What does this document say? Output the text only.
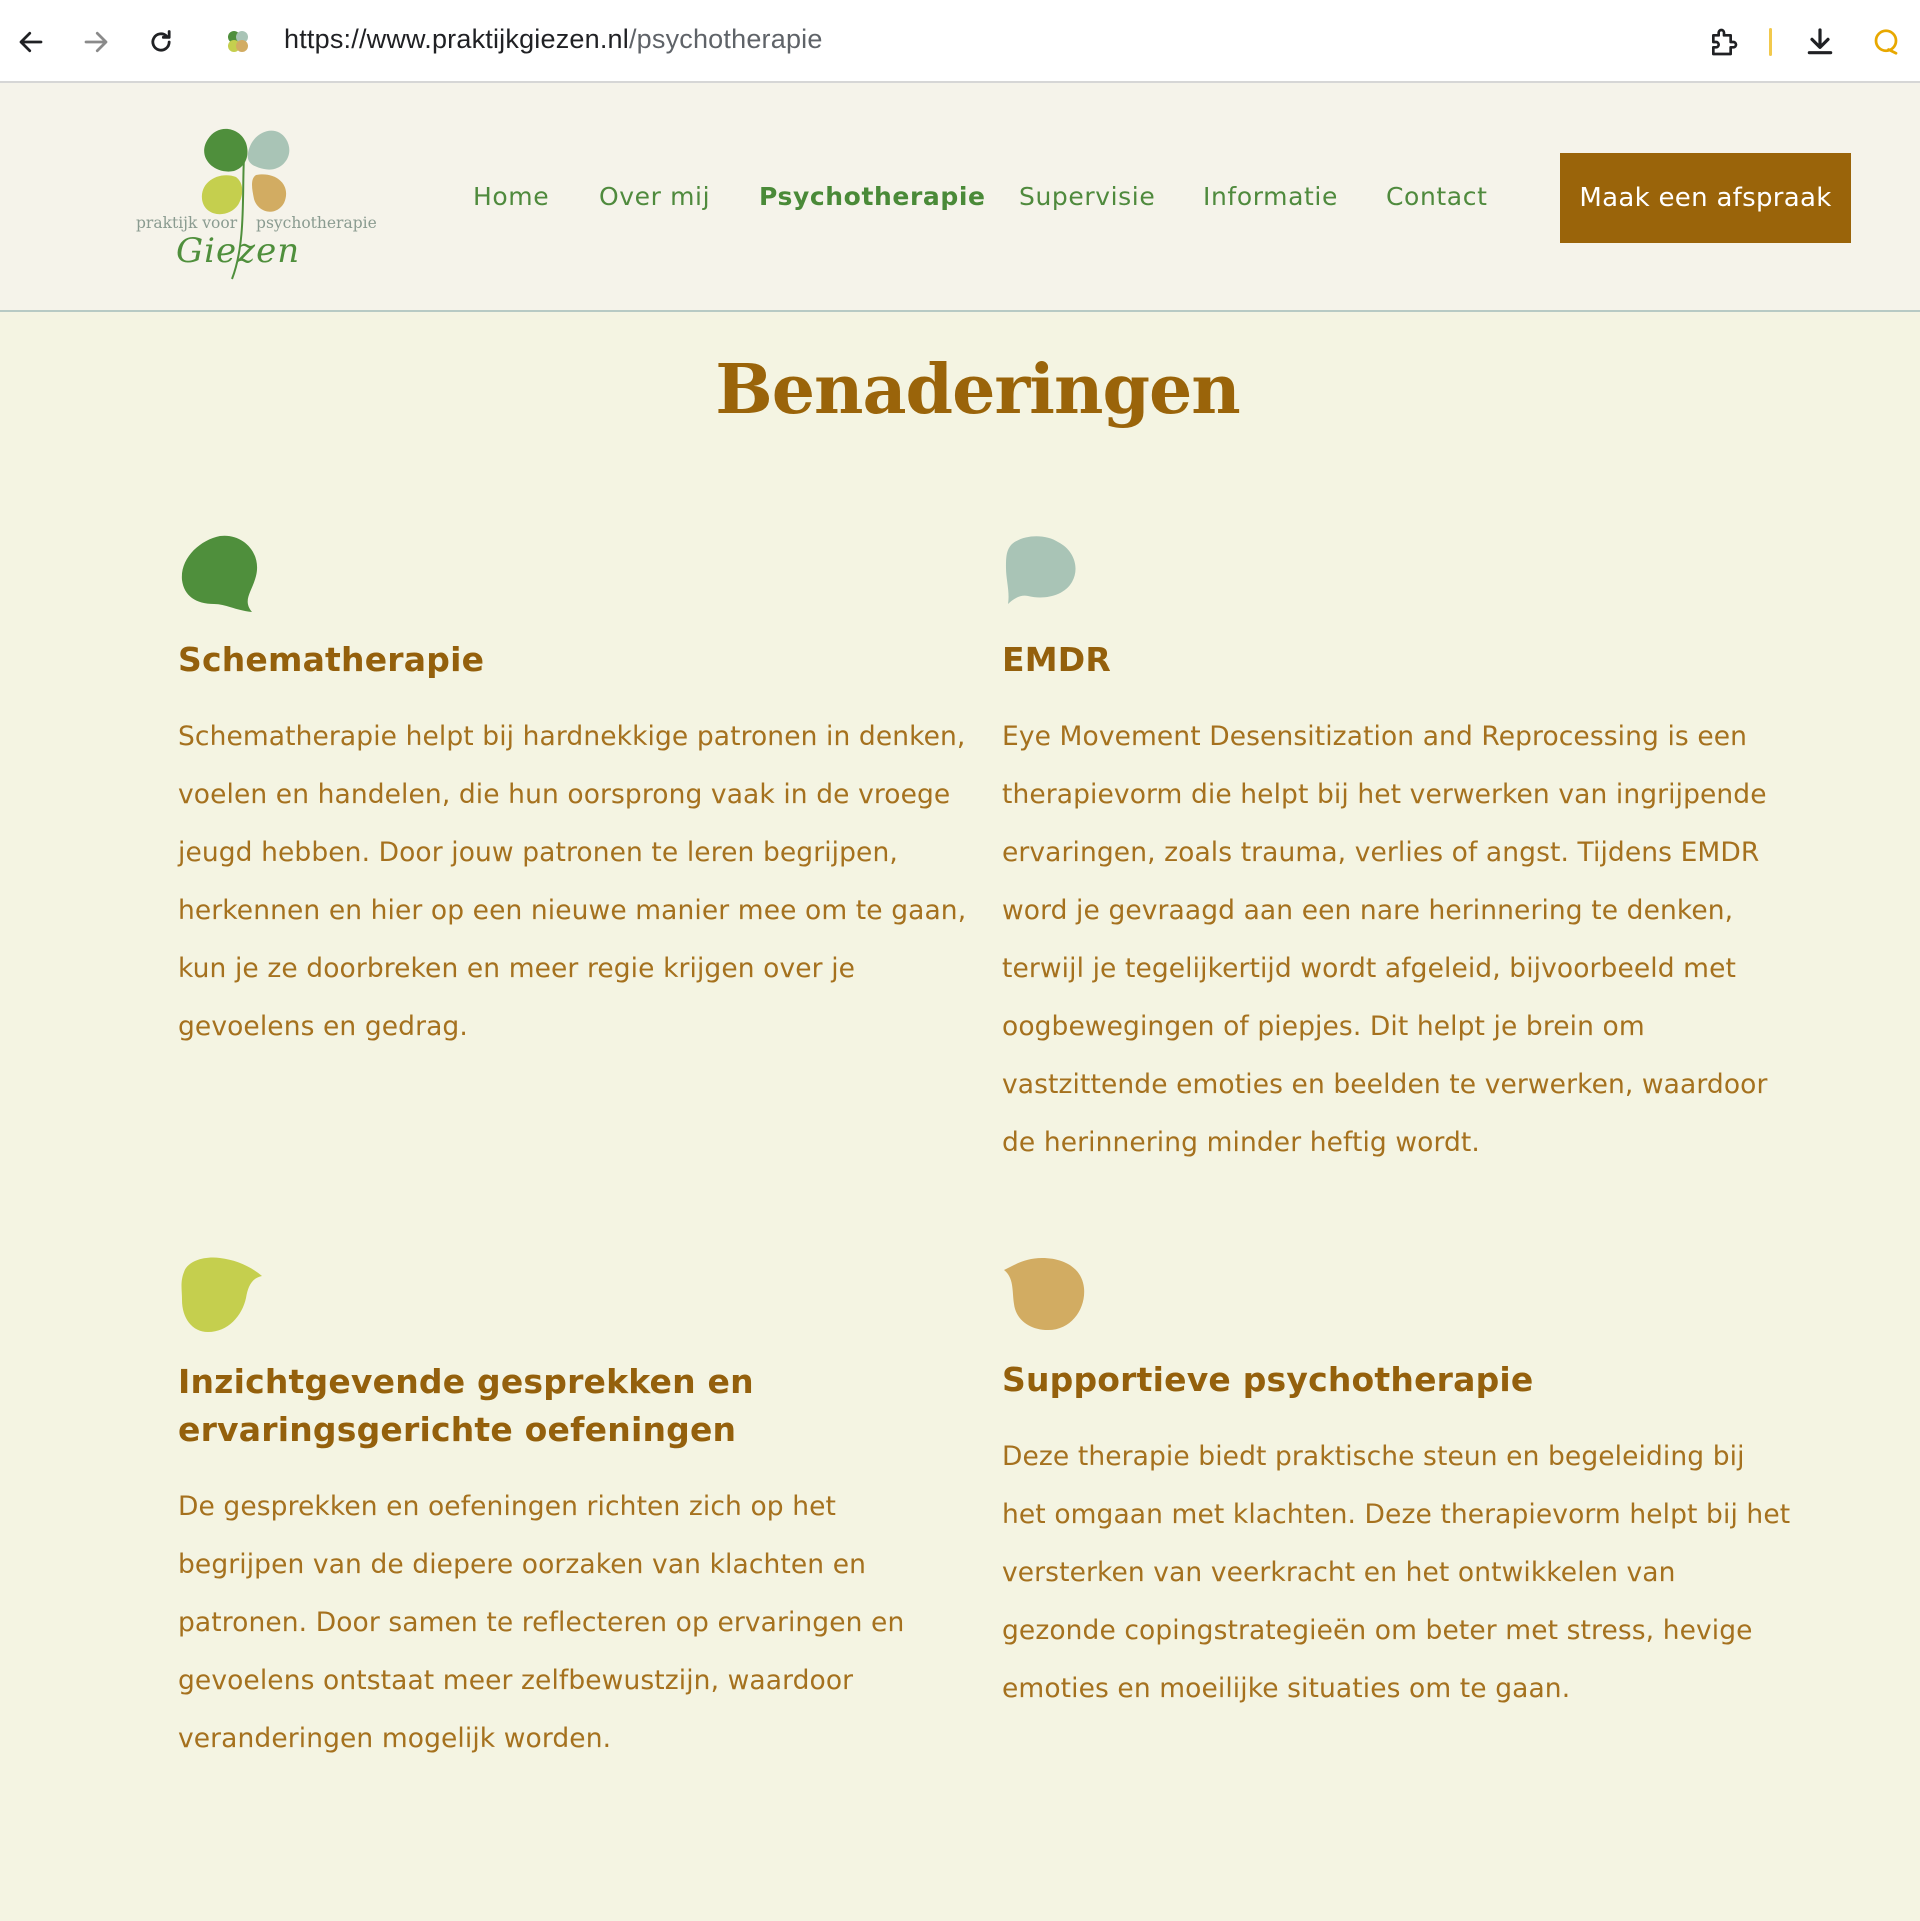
https://www.praktijkgiezen.nl/psychotherapie
praktijk voor psychotherapie
Giezen
Home Over mij Psychotherapie Supervisie Informatie Contact	Maak een afspraak
Benaderingen
Schematherapie

Schematherapie helpt bij hardnekkige patronen in denken, voelen en handelen, die hun oorsprong vaak in de vroege jeugd hebben. Door jouw patronen te leren begrijpen, herkennen en hier op een nieuwe manier mee om te gaan, kun je ze doorbreken en meer regie krijgen over je gevoelens en gedrag.

EMDR

Eye Movement Desensitization and Reprocessing is een therapievorm die helpt bij het verwerken van ingrijpende ervaringen, zoals trauma, verlies of angst. Tijdens EMDR word je gevraagd aan een nare herinnering te denken, terwijl je tegelijkertijd wordt afgeleid, bijvoorbeeld met oogbewegingen of piepjes. Dit helpt je brein om vastzittende emoties en beelden te verwerken, waardoor de herinnering minder heftig wordt.

Inzichtgevende gesprekken en ervaringsgerichte oefeningen

De gesprekken en oefeningen richten zich op het begrijpen van de diepere oorzaken van klachten en patronen. Door samen te reflecteren op ervaringen en gevoelens ontstaat meer zelfbewustzijn, waardoor veranderingen mogelijk worden.

Supportieve psychotherapie

Deze therapie biedt praktische steun en begeleiding bij het omgaan met klachten. Deze therapievorm helpt bij het versterken van veerkracht en het ontwikkelen van gezonde copingstrategieën om beter met stress, hevige emoties en moeilijke situaties om te gaan.
